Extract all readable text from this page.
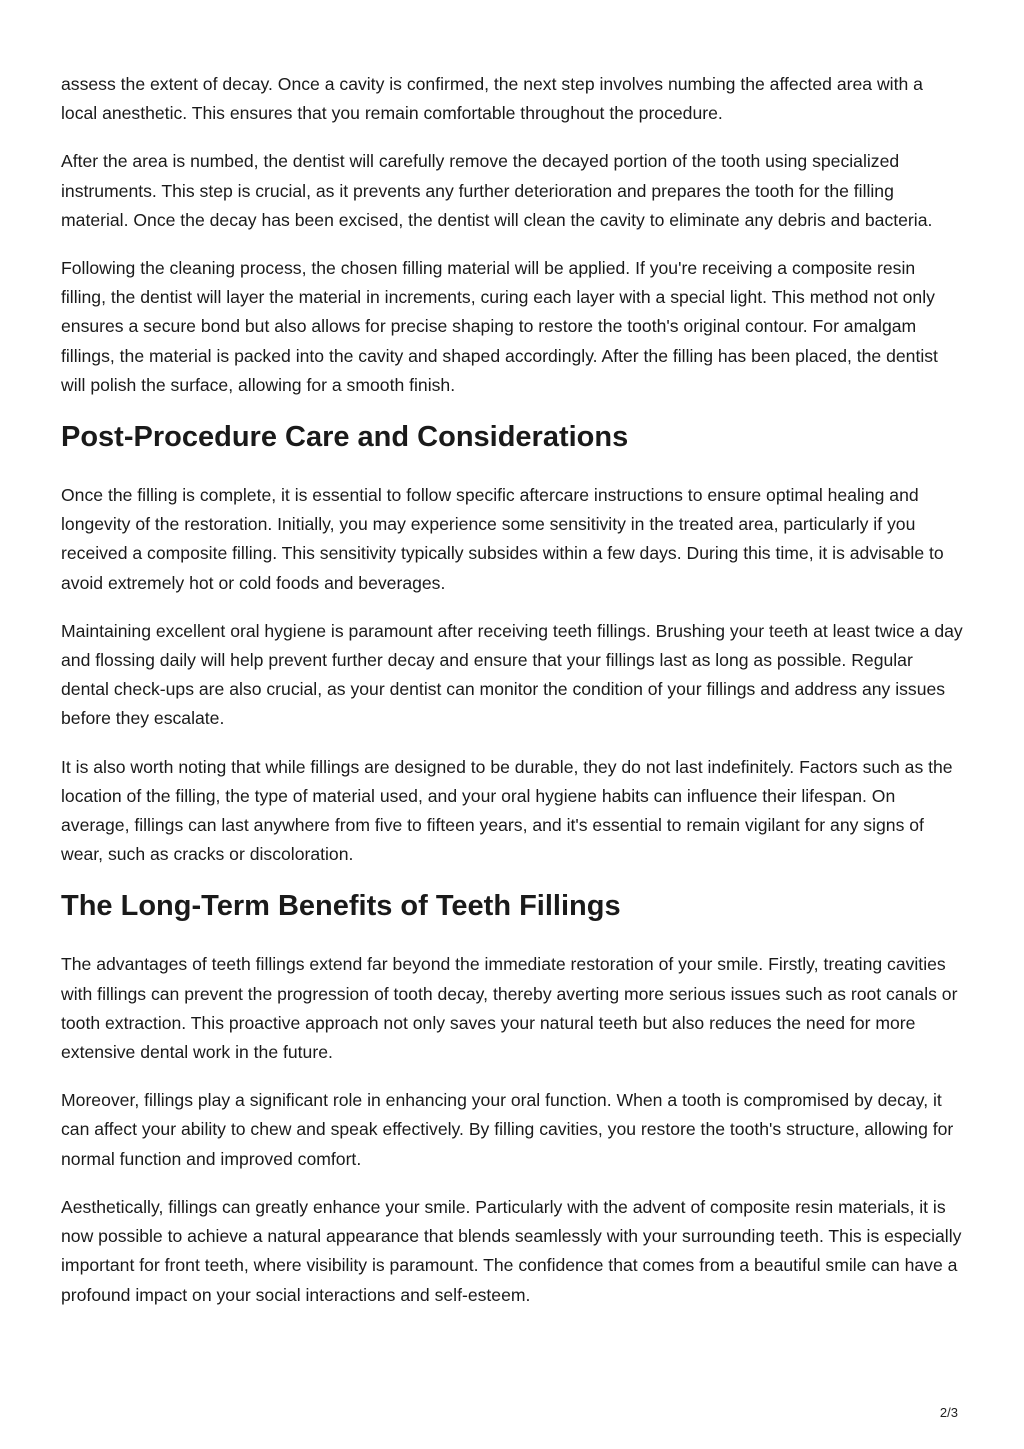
assess the extent of decay. Once a cavity is confirmed, the next step involves numbing the affected area with a local anesthetic. This ensures that you remain comfortable throughout the procedure.

After the area is numbed, the dentist will carefully remove the decayed portion of the tooth using specialized instruments. This step is crucial, as it prevents any further deterioration and prepares the tooth for the filling material. Once the decay has been excised, the dentist will clean the cavity to eliminate any debris and bacteria.

Following the cleaning process, the chosen filling material will be applied. If you're receiving a composite resin filling, the dentist will layer the material in increments, curing each layer with a special light. This method not only ensures a secure bond but also allows for precise shaping to restore the tooth's original contour. For amalgam fillings, the material is packed into the cavity and shaped accordingly. After the filling has been placed, the dentist will polish the surface, allowing for a smooth finish.

Post-Procedure Care and Considerations

Once the filling is complete, it is essential to follow specific aftercare instructions to ensure optimal healing and longevity of the restoration. Initially, you may experience some sensitivity in the treated area, particularly if you received a composite filling. This sensitivity typically subsides within a few days. During this time, it is advisable to avoid extremely hot or cold foods and beverages.

Maintaining excellent oral hygiene is paramount after receiving teeth fillings. Brushing your teeth at least twice a day and flossing daily will help prevent further decay and ensure that your fillings last as long as possible. Regular dental check-ups are also crucial, as your dentist can monitor the condition of your fillings and address any issues before they escalate.

It is also worth noting that while fillings are designed to be durable, they do not last indefinitely. Factors such as the location of the filling, the type of material used, and your oral hygiene habits can influence their lifespan. On average, fillings can last anywhere from five to fifteen years, and it's essential to remain vigilant for any signs of wear, such as cracks or discoloration.

The Long-Term Benefits of Teeth Fillings

The advantages of teeth fillings extend far beyond the immediate restoration of your smile. Firstly, treating cavities with fillings can prevent the progression of tooth decay, thereby averting more serious issues such as root canals or tooth extraction. This proactive approach not only saves your natural teeth but also reduces the need for more extensive dental work in the future.

Moreover, fillings play a significant role in enhancing your oral function. When a tooth is compromised by decay, it can affect your ability to chew and speak effectively. By filling cavities, you restore the tooth's structure, allowing for normal function and improved comfort.

Aesthetically, fillings can greatly enhance your smile. Particularly with the advent of composite resin materials, it is now possible to achieve a natural appearance that blends seamlessly with your surrounding teeth. This is especially important for front teeth, where visibility is paramount. The confidence that comes from a beautiful smile can have a profound impact on your social interactions and self-esteem.

2/3
